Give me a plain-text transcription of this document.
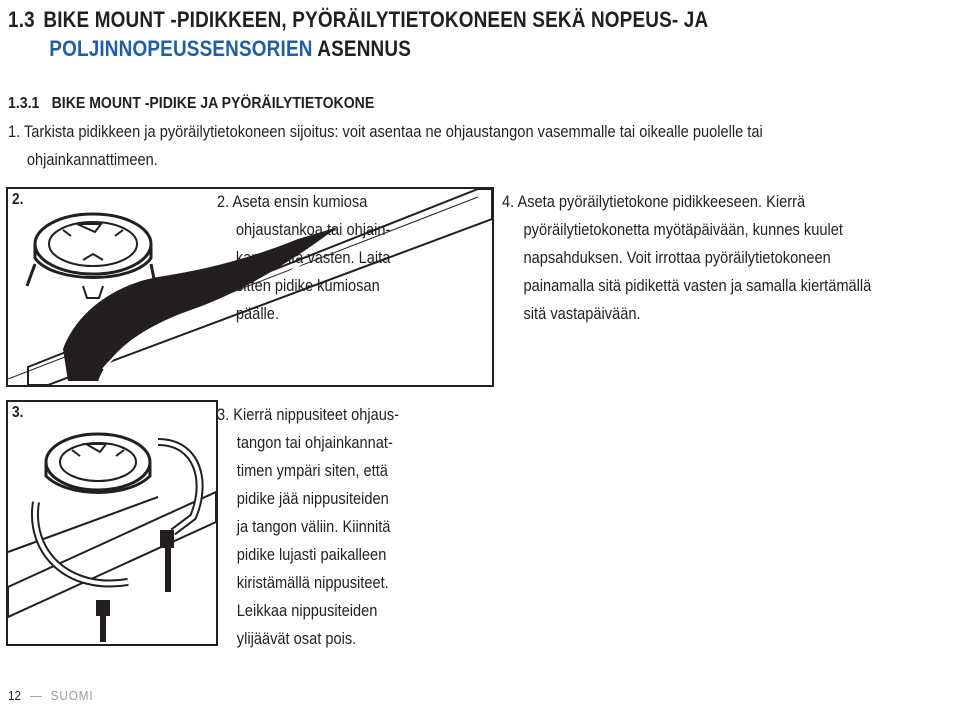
1.3 BIKE MOUNT -PIDIKKEEN, PYÖRÄILYTIETOKONEEN SEKÄ NOPEUS- JA
POLJINNOPEUSSENSORIEN ASENNUS
1.3.1 BIKE MOUNT -PIDIKE JA PYÖRÄILYTIETOKONE
1. Tarkista pidikkeen ja pyöräilytietokoneen sijoitus: voit asentaa ne ohjaustangon vasemmalle tai oikealle puolelle tai
ohjainkannattimeen.
2.	2. Aseta ensin kumiosa
ohjaustankoa tai ohjain-
kannatinta vasten. Laita
sitten pidike kumiosan
päälle.
4. Aseta pyöräilytietokone pidikkeeseen. Kierrä
pyöräilytietokonetta myötäpäivään, kunnes kuulet
napsahduksen. Voit irrottaa pyöräilytietokoneen
painamalla sitä pidikettä vasten ja samalla kiertämällä
sitä vastapäivään.
3.	3. Kierrä nippusiteet ohjaus-
tangon tai ohjainkannat-
timen ympäri siten, että
pidike jää nippusiteiden
ja tangon väliin. Kiinnitä
pidike lujasti paikalleen
kiristämällä nippusiteet.
Leikkaa nippusiteiden
ylijäävät osat pois.
12 — SUOMI
